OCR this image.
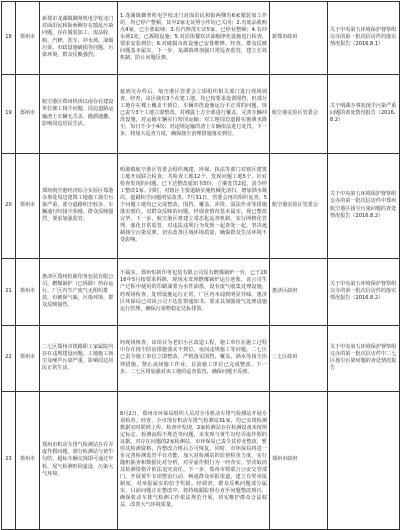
18	郑州市	新郑市龙湖镇御翠机电学校北门对面沿民和街两侧存在散乱污染问题，存在服装加工、废品收购、汽修、洗车、冲水场、油烟污染、市政设施破损等问题，污染环境，群众反映强烈。	1.龙湖镇御翠机电学校北门对面沿民和街两侧有6家服装加工作坊，均已停产整顿，其中2家无证照小作坊已关闭；2.有废品收购点4家，已全部取缔；3.有汽修洗车店5家，已停业整顿；4.有冲水场1处，已拆除设施；5.对沿街餐饮店油烟净化设施进行检查，要求安装到位；6.对破损市政设施已安排维修。经查，群众反映问题基本属实。下一步，龙湖镇将加强日常巡查监管，建立长效机制，防止问题反弹。	新郑市政府	关于中央第五环境保护督察组交办的第一批次信访件的落实情况报告（2016.8.1）
19	郑州市	航空港区郑州机场以南存在建设单位施工扬尘问题，周边道路运输渣土车辆无苫盖、抛洒遗撒，影响周边居民生活。	接到交办件后，航空港区管委会立即组织相关部门进行现场调查。经查，该区域有3个在建工地，均已按要求设置围挡，但部分工地存在裸土覆盖不到位、车辆冲洗设施运行不正常的问题。现已责令3个工地立即整改，对裸露土方全部进行覆盖，完善车辆冲洗设施，对运输车辆实行密闭运输；对工地周边道路实施洒水降尘，每日不少于4次；对违规运输的渣土车辆依法进行处罚。下一步，将加大巡查力度，确保扬尘治理措施落实到位。	航空港实验区管委会	关于明湖办事处扬尘污染严重问题的查处情况报告（2016.8.2）
20	郑州市	郑州航空港经济综合实验区郑港办事处周边建筑工地施工扬尘污染严重，部分道路积尘较多，车辆通行时扬尘弥漫，群众反映强烈，要求加强监管。	明港镇航空港区管委会组织城建、环保、执法等部门对辖区建筑工地开展联合检查，共检查工地12个，发现问题工地5个。针对检查发现的问题，已下达整改通知书5份，立案处罚2起，责令停工整改1家。同时，对辖区主要道路实施机械化清扫，增加洒水频次，道路积尘问题明显改善。7月31日，管委会再次组织复查，5个问题工地均已完成整改，围挡、覆盖、冲洗、湿法作业等措施落实到位。对群众反映的问题，经调查情况基本属实，现已整改完毕。下一步，航空港区将建立常态化巡查机制，实行网格化管理，强化日常监管，对违法违规行为发现一起查处一起，坚决遏制扬尘污染反弹，切实改善区域环境质量，确保群众生活环境不受影响。	航空港实验区管委会	关于中央第五环境保护督察组交办的第一批次信访件中郑州航空港区扬尘污染问题的查处情况报告（2016.8.2）
21	郑州市	惠济区郑州恒新印务包装有限公司，燃煤锅炉（已拆除）仍在运行，厂区内生产废气无组织排放，有刺鼻气味，污染环境，群众反映强烈。	不属实。郑州恒新印务包装有限公司原有燃煤锅炉一台，已于2016年5月按要求拆除，现场未发现燃煤锅炉运行迹象。该公司生产过程中使用的印刷油墨为水性油墨，设有废气收集处理设施，经现场检查，处理设施运行正常，厂区内未闻到明显异味。惠济区环保局已对该公司下达监察通知书，要求其加强废气处理设施运行管理，确保污染物稳定达标排放。	惠济区政府	关于中央第五环境保护督察组交办的第一批次信访件的落实情况报告（2016.8.2）
22	郑州市	二七区郑州市铁路职工家属院内存在违规建设问题，工地施工扬尘及噪声污染严重，影响周边居民正常生活。	经现场核查，该项目为老旧小区改造工程，施工单位在施工过程中存在扬尘防治措施落实不到位、夜间违规施工等问题。二七区已责令施工单位立即整改，严格落实围挡、覆盖、洒水等扬尘治理措施，禁止夜间施工作业。目前施工单位已完成整改。下一步，二七区将加强对该工地的巡查监管，确保问题不反弹。	二七区政府	关于中央第五环境保护督察组交办的第一批次信访件中二七区扬尘污染问题的查处情况报告
23	郑州市	郑州市机动车排气检测站存在弄虚作假问题，部分检测站与黄牛勾结，超标车辆交钱即可通过年检，尾气检测形同虚设，污染大气环境。	8月2日，郑州市环保局组织人员对全市机动车排气检测站开展专项检查。经查，全市现有机动车排气检测站31家，均已实现检测数据实时联网上传。检查中发现，2家检测站存在检测设备未按规定标定、检测流程不规范等问题，未发现与黄牛勾结弄虚作假的证据。对存在问题的2家检测站，市环保局已责令其停业整改，暂停其检测资格，待整改合格后方可恢复。同时，市环保局将进一步完善检测监管平台功能，加大对检测站的监督检查力度，实行随机抽查和数据比对分析，对弄虚作假行为一经查实，坚决取消其检测资格并依法追究责任。下一步，郑州市将联合公安交管部门，开展黄牛专项整治行动，畅通群众举报渠道，建立有奖举报制度，对举报属实的给予奖励。经调查，群众反映问题部分属实，目前问题正在整改中，将持续跟踪督办直至问题整改到位，确保机动车排气检测工作依法规范开展，切实维护群众合法权益，改善大气环境质量。	郑州市政府	
